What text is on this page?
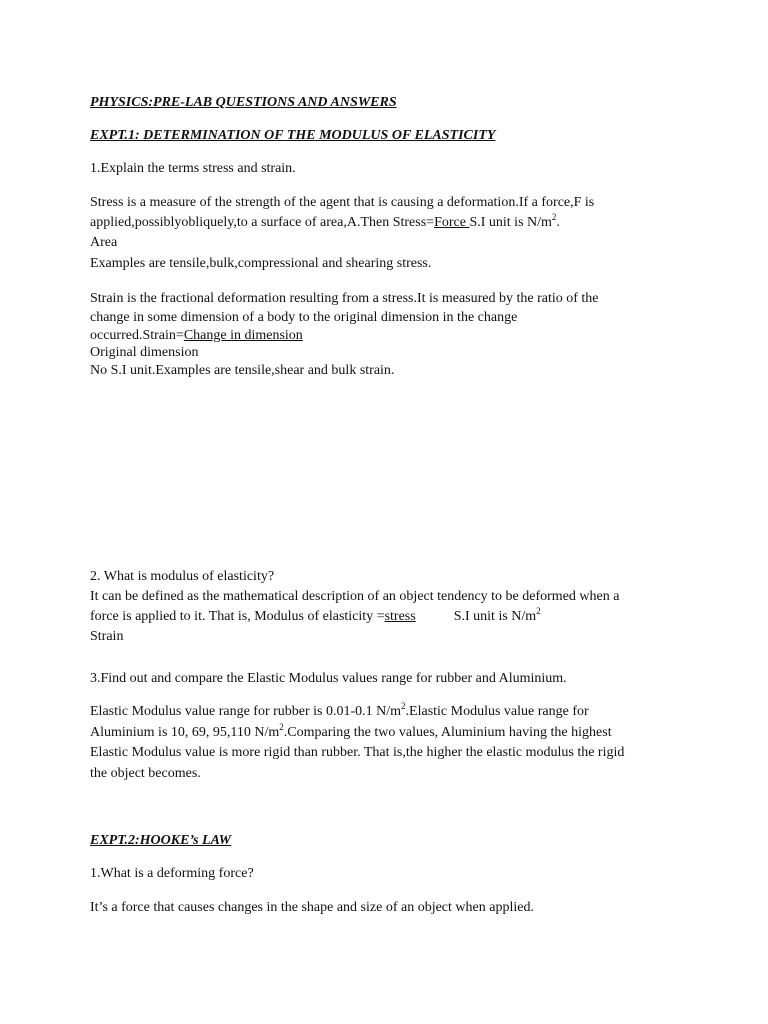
PHYSICS:PRE-LAB QUESTIONS AND ANSWERS

EXPT.1: DETERMINATION OF THE MODULUS OF ELASTICITY

1.Explain the terms stress and strain.

Stress is a measure of the strength of the agent that is causing a deformation.If a force,F is

applied,possiblyobliquely,to a surface of area,A.Then Stress=Force S.I unit is $N/m^2$.

Area

Examples are tensile,bulk,compressional and shearing stress.

Strain is the fractional deformation resulting from a stress.It is measured by the ratio of the

change in some dimension of a body to the original dimension in the change

occurred.Strain=Change in dimension

Original dimension

No S.I unit.Examples are tensile,shear and bulk strain.

2. What is modulus of elasticity?

It can be defined as the mathematical description of an object tendency to be deformed when a

force is applied to it. That is, Modulus of elasticity =stress	S.I unit is $N/m^2$

Strain

3.Find out and compare the Elastic Modulus values range for rubber and Aluminium.

Elastic Modulus value range for rubber is 0.01-0.1 $N/m^2.Elastic$ Modulus value range for

Aluminium is 10, 69, 95,110 $N/m^2.Comparing$ the two values, Aluminium having the highest

Elastic Modulus value is more rigid than rubber. That is,the higher the elastic modulus the rigid

the object becomes.

EXPT.2:HOOKE’s LAW

1.What is a deforming force?

It’s a force that causes changes in the shape and size of an object when applied.
